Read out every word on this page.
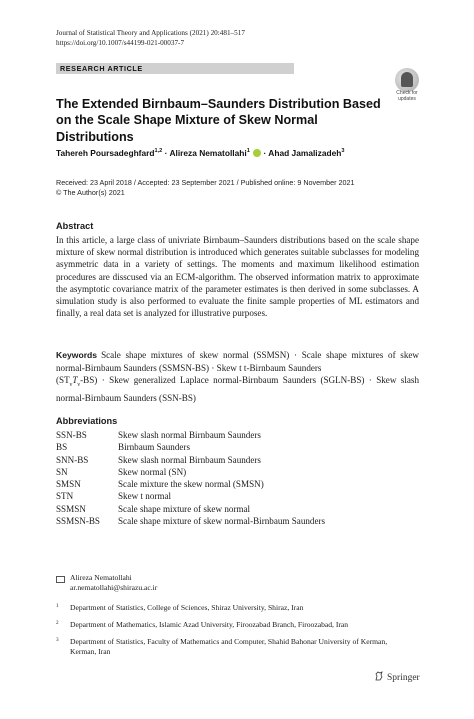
Journal of Statistical Theory and Applications (2021) 20:481–517
https://doi.org/10.1007/s44199-021-00037-7
RESEARCH ARTICLE
Check for updates
The Extended Birnbaum–Saunders Distribution Based on the Scale Shape Mixture of Skew Normal Distributions
Tahereh Poursadeghfard$^{1,2}$ · Alireza Nematollahi$^1$  · Ahad Jamalizadeh$^3$
Received: 23 April 2018 / Accepted: 23 September 2021 / Published online: 9 November 2021
© The Author(s) 2021
Abstract
In this article, a large class of univriate Birnbaum–Saunders distributions based on the scale shape mixture of skew normal distribution is introduced which generates suitable subclasses for modeling asymmetric data in a variety of settings. The moments and maximum likelihood estimation procedures are disscused via an ECM-algorithm. The observed information matrix to approximate the asymptotic covariance matrix of the parameter estimates is then derived in some subclasses. A simulation study is also performed to evaluate the finite sample properties of ML estimators and finally, a real data set is analyzed for illustrative purposes.
Keywords Scale shape mixtures of skew normal (SSMSN) · Scale shape mixtures of skew normal-Birnbaum Saunders (SSMSN-BS) · Skew t t-Birnbaum Saunders
$(ST_\nu T_\nu-BS)$ · Skew generalized Laplace normal-Birnbaum Saunders (SGLN-BS) · Skew slash normal-Birnbaum Saunders (SSN-BS)
Abbreviations
SSN-BS	Skew slash normal Birnbaum Saunders
BS	Birnbaum Saunders
SNN-BS	Skew slash normal Birnbaum Saunders
SN	Skew normal (SN)
SMSN	Scale mixture the skew normal (SMSN)
STN	Skew t normal
SSMSN	Scale shape mixture of skew normal
SSMSN-BS	Scale shape mixture of skew normal-Birnbaum Saunders
Alireza Nematollahi
ar.nematollahi@shirazu.ac.ir
1 Department of Statistics, College of Sciences, Shiraz University, Shiraz, Iran
2 Department of Mathematics, Islamic Azad University, Firoozabad Branch, Firoozabad, Iran
3 Department of Statistics, Faculty of Mathematics and Computer, Shahid Bahonar University of Kerman, Kerman, Iran
Springer
